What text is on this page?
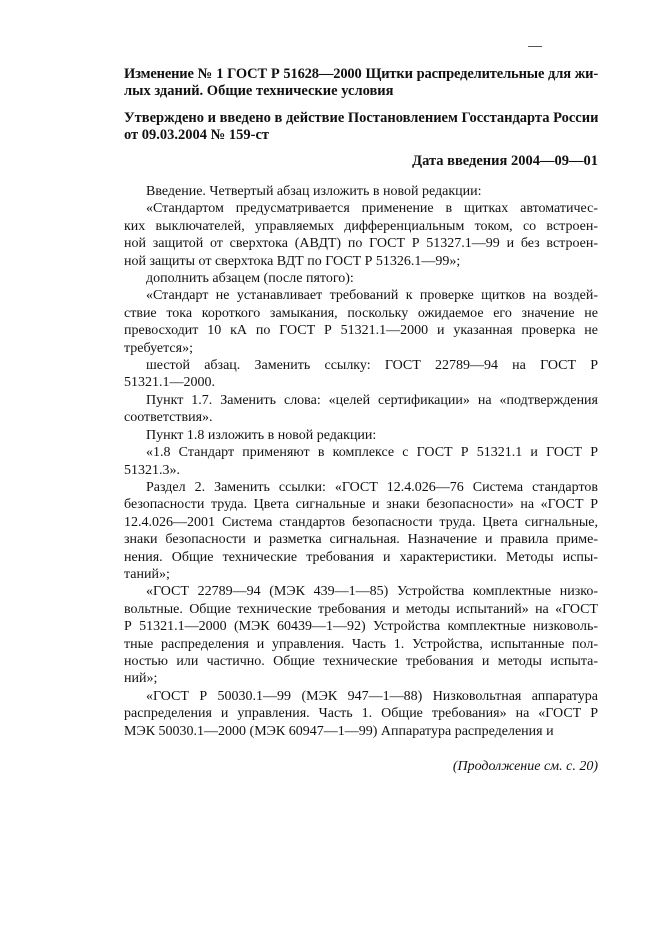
Изменение № 1 ГОСТ Р 51628—2000 Щитки распределительные для жи-
лых зданий. Общие технические условия
Утверждено и введено в действие Постановлением Госстандарта России
от 09.03.2004 № 159-ст
Дата введения 2004—09—01
Введение. Четвертый абзац изложить в новой редакции:
«Стандартом предусматривается применение в щитках автоматичес-
ких выключателей, управляемых дифференциальным током, со встроен-
ной защитой от сверхтока (АВДТ) по ГОСТ Р 51327.1—99 и без встроен-
ной защиты от сверхтока ВДТ по ГОСТ Р 51326.1—99»;
дополнить абзацем (после пятого):
«Стандарт не устанавливает требований к проверке щитков на воздей-
ствие тока короткого замыкания, поскольку ожидаемое его значение не
превосходит 10 кА по ГОСТ Р 51321.1—2000 и указанная проверка не
требуется»;
шестой абзац. Заменить ссылку: ГОСТ 22789—94 на ГОСТ Р
51321.1—2000.
Пункт 1.7. Заменить слова: «целей сертификации» на «подтверждения
соответствия».
Пункт 1.8 изложить в новой редакции:
«1.8 Стандарт применяют в комплексе с ГОСТ Р 51321.1 и ГОСТ Р
51321.3».
Раздел 2. Заменить ссылки: «ГОСТ 12.4.026—76 Система стандартов
безопасности труда. Цвета сигнальные и знаки безопасности» на «ГОСТ Р
12.4.026—2001 Система стандартов безопасности труда. Цвета сигнальные,
знаки безопасности и разметка сигнальная. Назначение и правила приме-
нения. Общие технические требования и характеристики. Методы испы-
таний»;
«ГОСТ 22789—94 (МЭК 439—1—85) Устройства комплектные низко-
вольтные. Общие технические требования и методы испытаний» на «ГОСТ
Р 51321.1—2000 (МЭК 60439—1—92) Устройства комплектные низковоль-
тные распределения и управления. Часть 1. Устройства, испытанные пол-
ностью или частично. Общие технические требования и методы испыта-
ний»;
«ГОСТ Р 50030.1—99 (МЭК 947—1—88) Низковольтная аппаратура
распределения и управления. Часть 1. Общие требования» на «ГОСТ Р
МЭК 50030.1—2000 (МЭК 60947—1—99) Аппаратура распределения и
(Продолжение см. с. 20)
